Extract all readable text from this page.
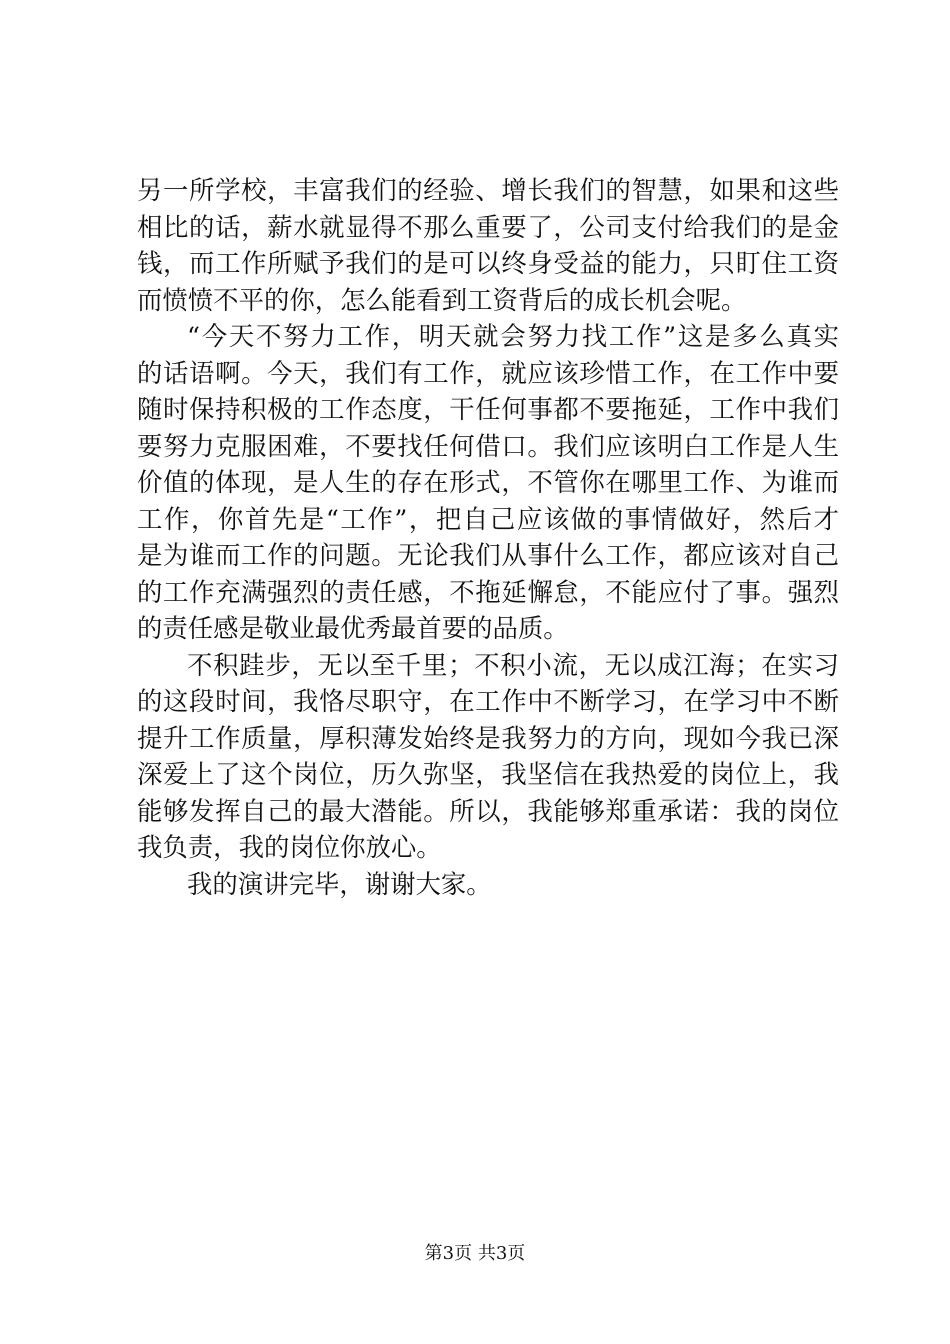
另一所学校，丰富我们的经验、增长我们的智慧，如果和这些
相比的话，薪水就显得不那么重要了，公司支付给我们的是金
钱，而工作所赋予我们的是可以终身受益的能力，只盯住工资
而愤愤不平的你，怎么能看到工资背后的成长机会呢。
“今天不努力工作，明天就会努力找工作”这是多么真实
的话语啊。今天，我们有工作，就应该珍惜工作，在工作中要
随时保持积极的工作态度，干任何事都不要拖延，工作中我们
要努力克服困难，不要找任何借口。我们应该明白工作是人生
价值的体现，是人生的存在形式，不管你在哪里工作、为谁而
工作，你首先是“工作”，把自己应该做的事情做好，然后才
是为谁而工作的问题。无论我们从事什么工作，都应该对自己
的工作充满强烈的责任感，不拖延懈怠，不能应付了事。强烈
的责任感是敬业最优秀最首要的品质。
不积跬步，无以至千里；不积小流，无以成江海；在实习
的这段时间，我恪尽职守，在工作中不断学习，在学习中不断
提升工作质量，厚积薄发始终是我努力的方向，现如今我已深
深爱上了这个岗位，历久弥坚，我坚信在我热爱的岗位上，我
能够发挥自己的最大潜能。所以，我能够郑重承诺：我的岗位
我负责，我的岗位你放心。
我的演讲完毕，谢谢大家。
第3页 共3页
